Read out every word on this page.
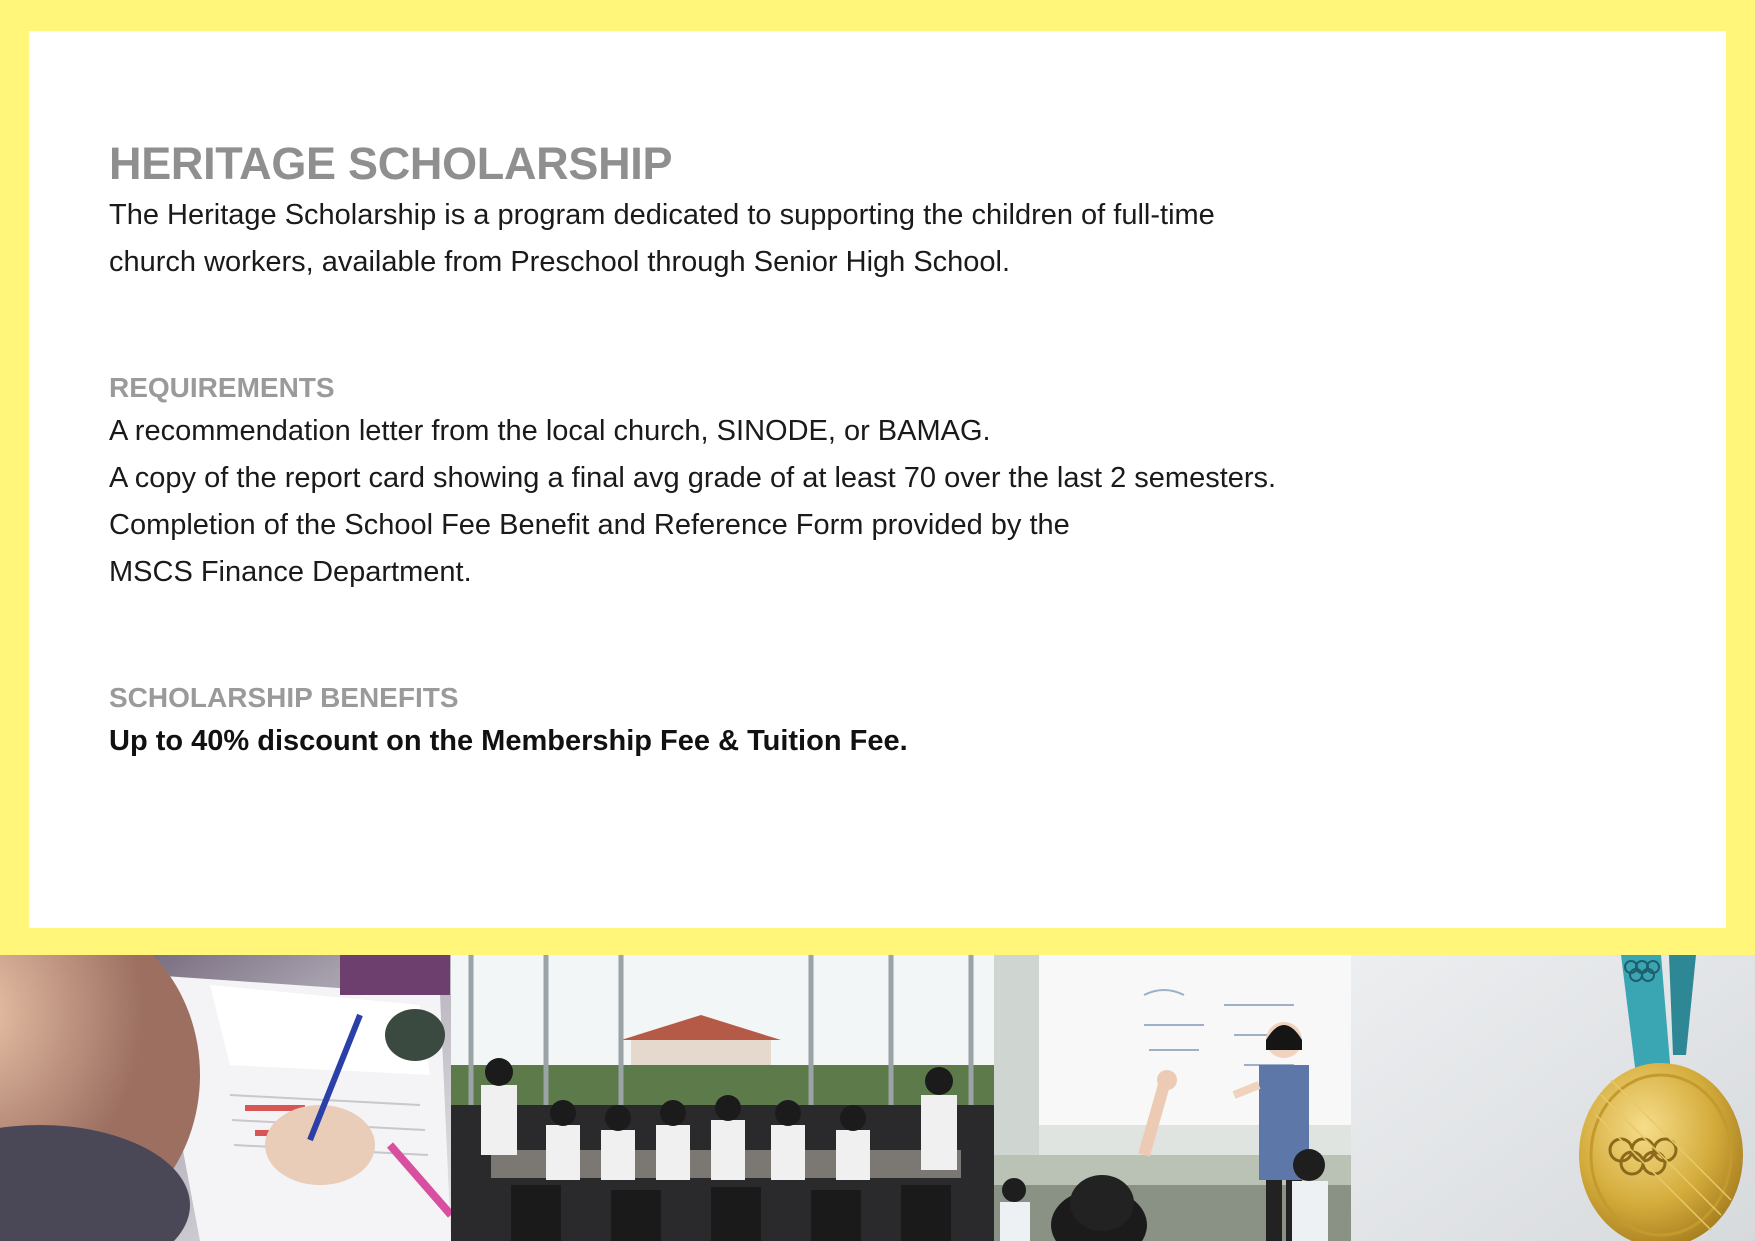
HERITAGE SCHOLARSHIP

The Heritage Scholarship is a program dedicated to supporting the children of full-time
church workers, available from Preschool through Senior High School.

REQUIREMENTS
A recommendation letter from the local church, SINODE, or BAMAG.
A copy of the report card showing a final avg grade of at least 70 over the last 2 semesters.
Completion of the School Fee Benefit and Reference Form provided by the
MSCS Finance Department.
SCHOLARSHIP BENEFITS
Up to 40% discount on the Membership Fee & Tuition Fee.
